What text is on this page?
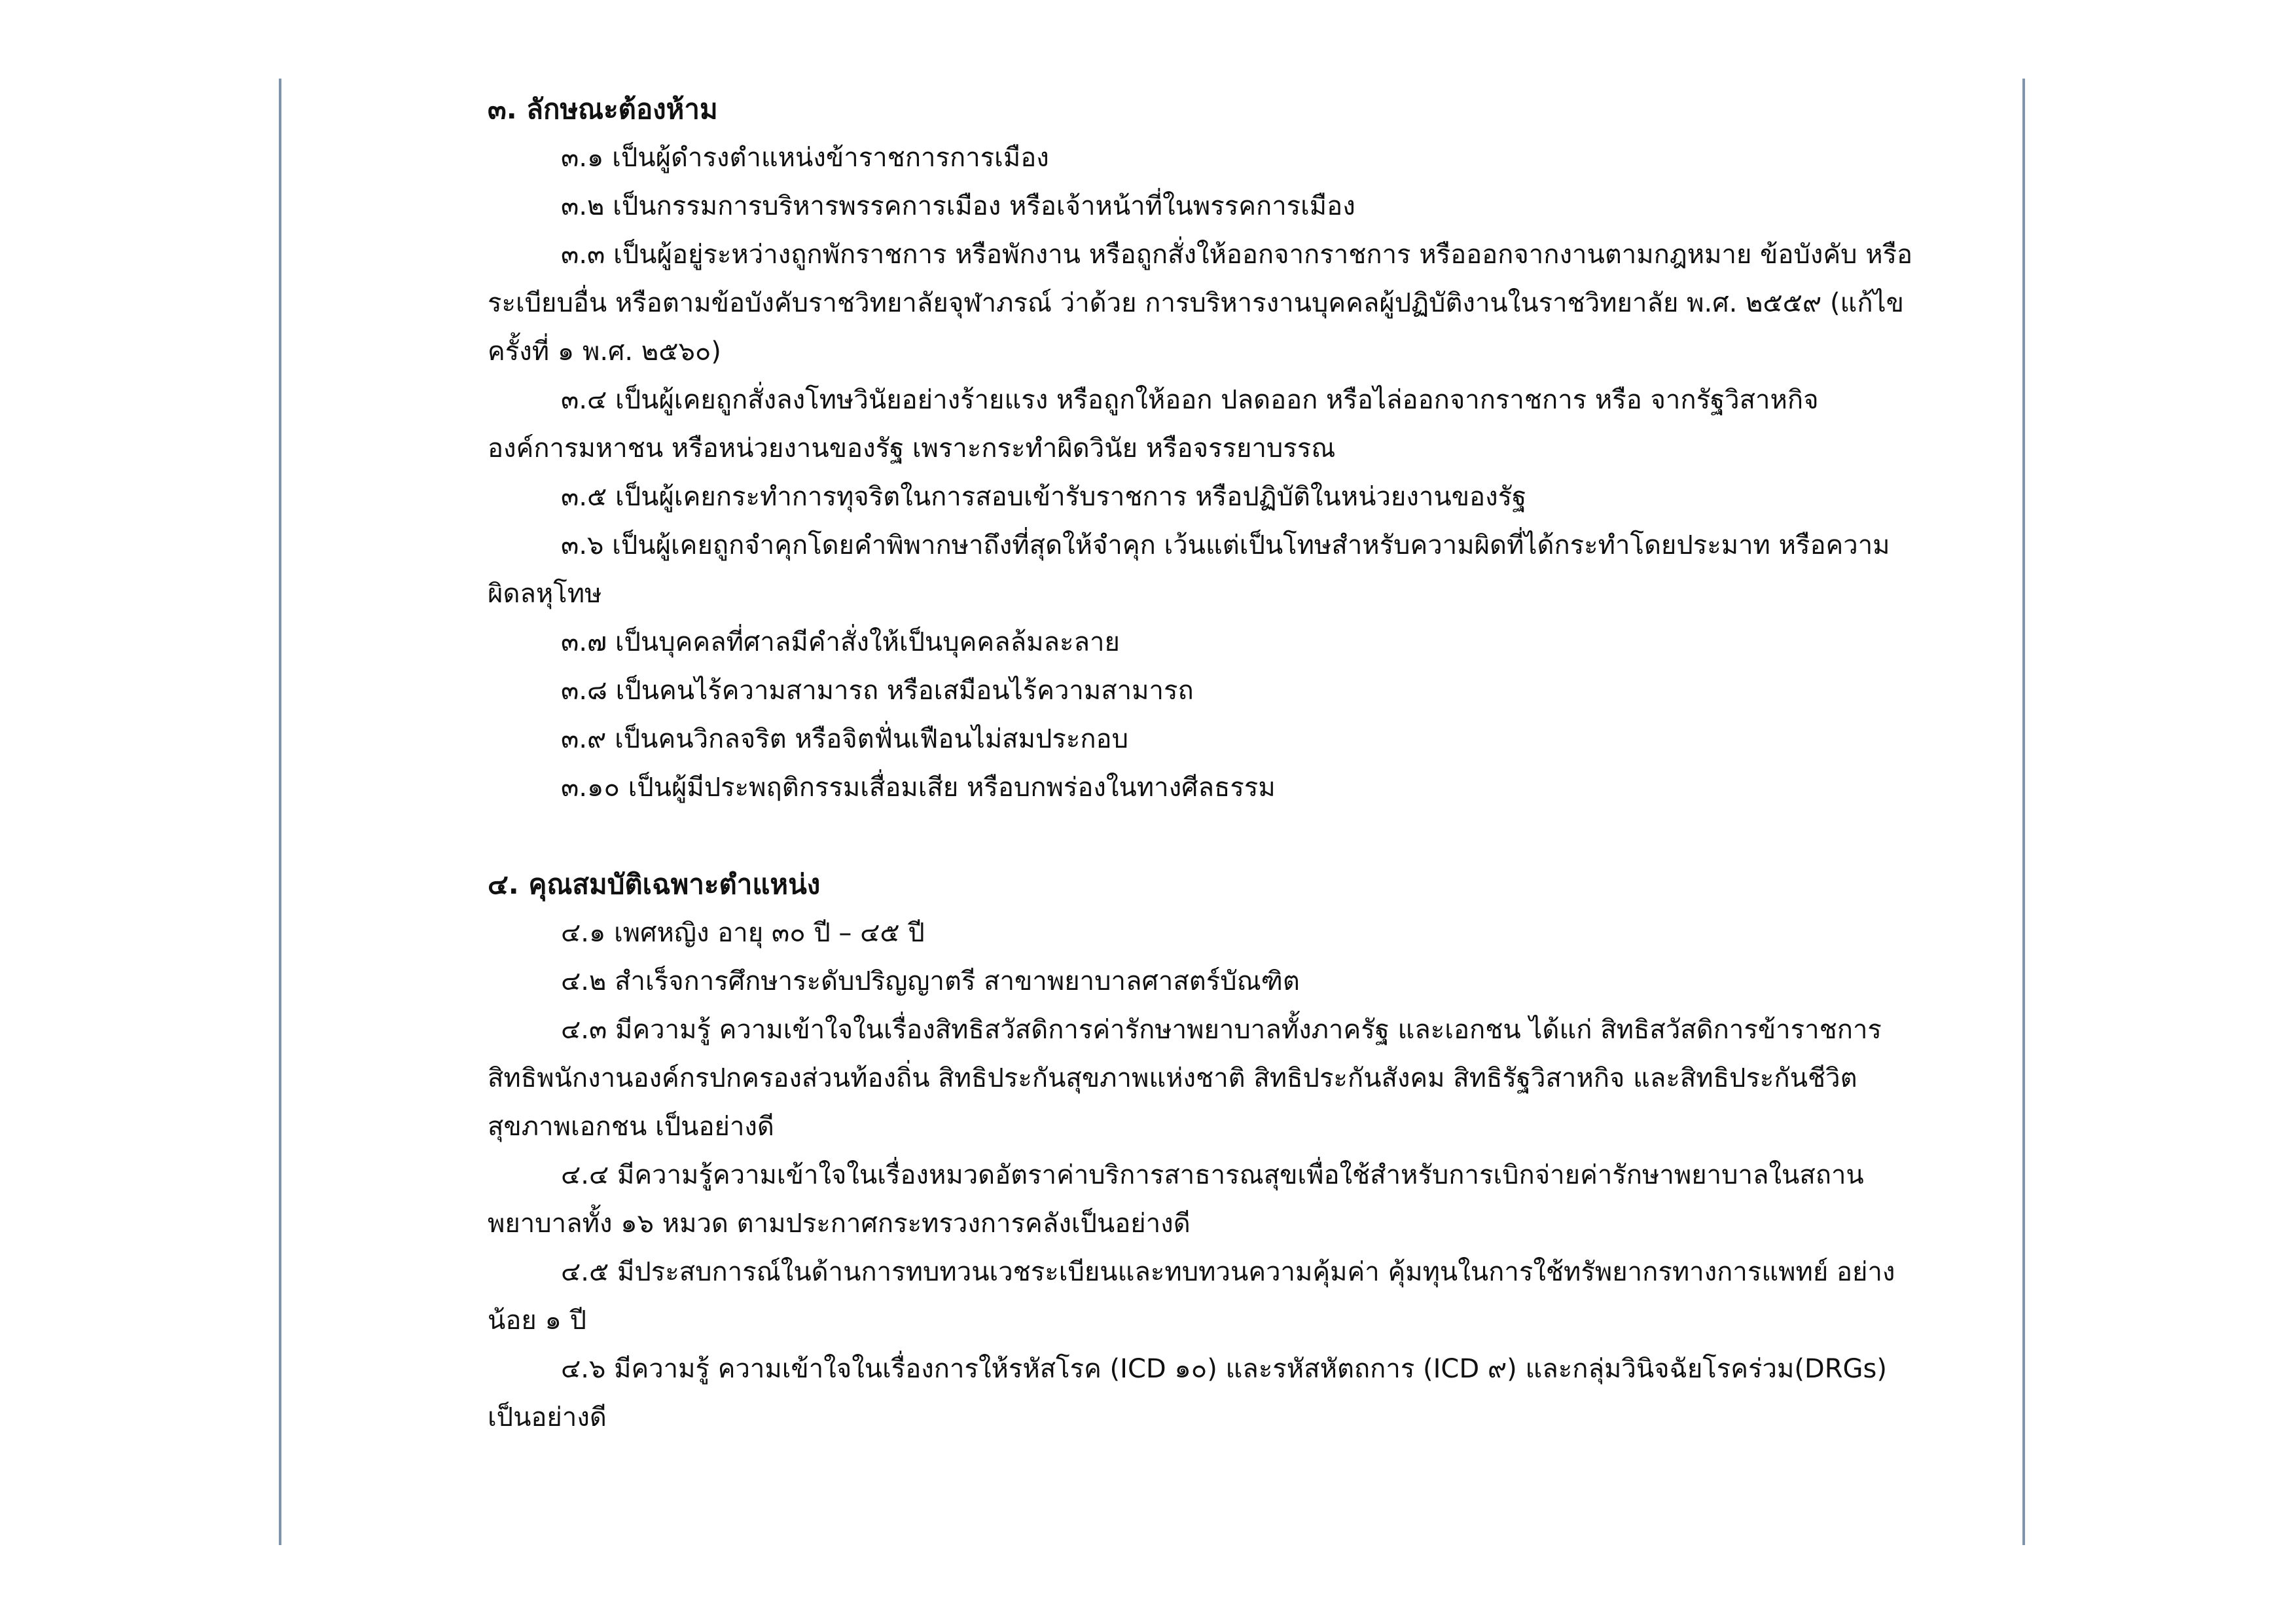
๓. ลักษณะต้องห้าม

๓.๑ เป็นผู้ดำรงตำแหน่งข้าราชการการเมือง

๓.๒ เป็นกรรมการบริหารพรรคการเมือง หรือเจ้าหน้าที่ในพรรคการเมือง

๓.๓ เป็นผู้อยู่ระหว่างถูกพักราชการ หรือพักงาน หรือถูกสั่งให้ออกจากราชการ หรือออกจากงานตามกฎหมาย ข้อบังคับ หรือระเบียบอื่น หรือตามข้อบังคับราชวิทยาลัยจุฬาภรณ์ ว่าด้วย การบริหารงานบุคคลผู้ปฏิบัติงานในราชวิทยาลัย พ.ศ. ๒๕๕๙ (แก้ไขครั้งที่ ๑ พ.ศ. ๒๕๖๐)

๓.๔ เป็นผู้เคยถูกสั่งลงโทษวินัยอย่างร้ายแรง หรือถูกให้ออก ปลดออก หรือไล่ออกจากราชการ หรือ จากรัฐวิสาหกิจ องค์การมหาชน หรือหน่วยงานของรัฐ เพราะกระทำผิดวินัย หรือจรรยาบรรณ

๓.๕ เป็นผู้เคยกระทำการทุจริตในการสอบเข้ารับราชการ หรือปฏิบัติในหน่วยงานของรัฐ

๓.๖ เป็นผู้เคยถูกจำคุกโดยคำพิพากษาถึงที่สุดให้จำคุก เว้นแต่เป็นโทษสำหรับความผิดที่ได้กระทำโดยประมาท หรือความผิดลหุโทษ

๓.๗ เป็นบุคคลที่ศาลมีคำสั่งให้เป็นบุคคลล้มละลาย

๓.๘ เป็นคนไร้ความสามารถ หรือเสมือนไร้ความสามารถ

๓.๙ เป็นคนวิกลจริต หรือจิตฟั่นเฟือนไม่สมประกอบ

๓.๑๐ เป็นผู้มีประพฤติกรรมเสื่อมเสีย หรือบกพร่องในทางศีลธรรม

๔. คุณสมบัติเฉพาะตำแหน่ง

๔.๑ เพศหญิง อายุ ๓๐ ปี – ๔๕ ปี

๔.๒ สำเร็จการศึกษาระดับปริญญาตรี สาขาพยาบาลศาสตร์บัณฑิต

๔.๓ มีความรู้ ความเข้าใจในเรื่องสิทธิสวัสดิการค่ารักษาพยาบาลทั้งภาครัฐ และเอกชน ได้แก่ สิทธิสวัสดิการข้าราชการ สิทธิพนักงานองค์กรปกครองส่วนท้องถิ่น สิทธิประกันสุขภาพแห่งชาติ สิทธิประกันสังคม สิทธิรัฐวิสาหกิจ และสิทธิประกันชีวิตสุขภาพเอกชน เป็นอย่างดี

๔.๔ มีความรู้ความเข้าใจในเรื่องหมวดอัตราค่าบริการสาธารณสุขเพื่อใช้สำหรับการเบิกจ่ายค่ารักษาพยาบาลในสถานพยาบาลทั้ง ๑๖ หมวด ตามประกาศกระทรวงการคลังเป็นอย่างดี

๔.๕ มีประสบการณ์ในด้านการทบทวนเวชระเบียนและทบทวนความคุ้มค่า คุ้มทุนในการใช้ทรัพยากรทางการแพทย์ อย่างน้อย ๑ ปี

๔.๖ มีความรู้ ความเข้าใจในเรื่องการให้รหัสโรค (ICD ๑๐) และรหัสหัตถการ (ICD ๙) และกลุ่มวินิจฉัยโรคร่วม(DRGs) เป็นอย่างดี
